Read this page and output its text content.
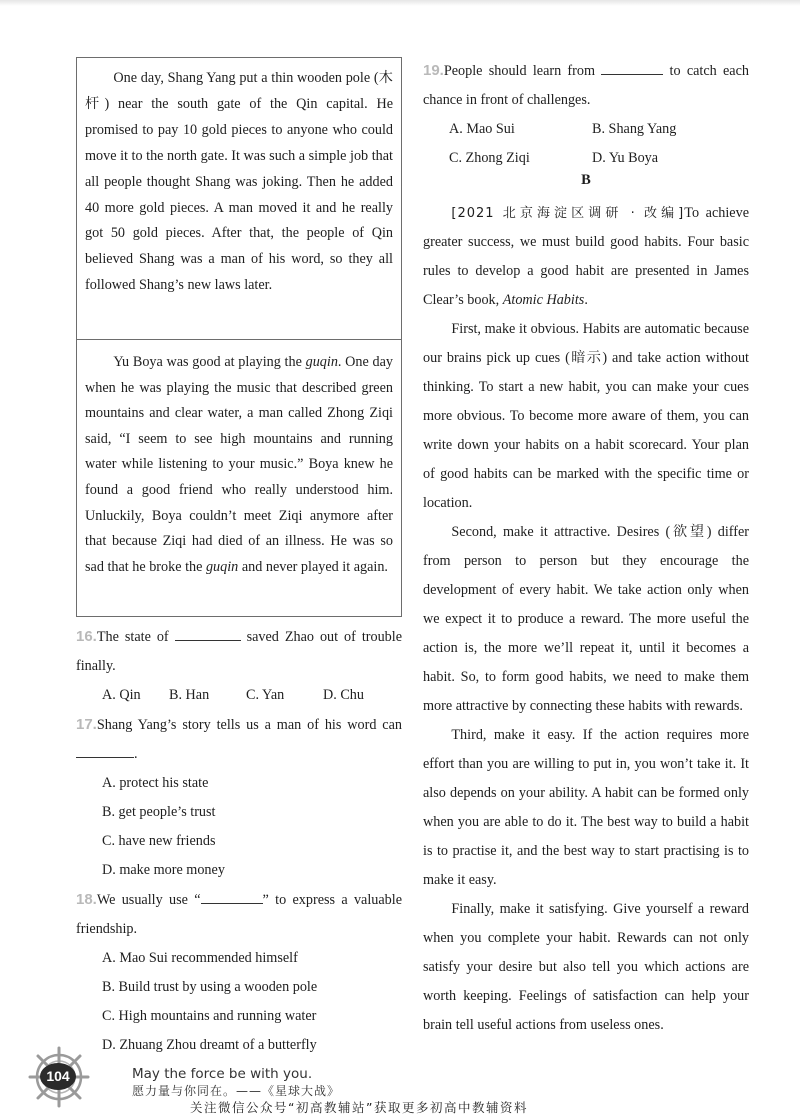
One day, Shang Yang put a thin wooden pole (木杆) near the south gate of the Qin capital. He promised to pay 10 gold pieces to anyone who could move it to the north gate. It was such a simple job that all people thought Shang was joking. Then he added 40 more gold pieces. A man moved it and he really got 50 gold pieces. After that, the people of Qin believed Shang was a man of his word, so they all followed Shang’s new laws later.

Yu Boya was good at playing the guqin. One day when he was playing the music that described green mountains and clear water, a man called Zhong Ziqi said, “I seem to see high mountains and running water while listening to your music.” Boya knew he found a good friend who really understood him. Unluckily, Boya couldn’t meet Ziqi anymore after that because Ziqi had died of an illness. He was so sad that he broke the guqin and never played it again.

16.The state of	saved Zhao out of trouble finally.
A. Qin	B. Han	C. Yan	D. Chu
17.Shang Yang’s story tells us a man of his word can .
A. protect his state
B. get people’s trust
C. have new friends
D. make more money
18.We usually use “	” to express a valuable friendship.
A. Mao Sui recommended himself
B. Build trust by using a wooden pole
C. High mountains and running water
D. Zhuang Zhou dreamt of a butterfly
19.People should learn from	to catch each chance in front of challenges.
A. Mao Sui	B. Shang Yang
C. Zhong Ziqi	D. Yu Boya
B

[2021 北京海淀区调研 · 改编]To achieve greater success, we must build good habits. Four basic rules to develop a good habit are presented in James Clear’s book, Atomic Habits.

First, make it obvious. Habits are automatic because our brains pick up cues (暗示) and take action without thinking. To start a new habit, you can make your cues more obvious. To become more aware of them, you can write down your habits on a habit scorecard. Your plan of good habits can be marked with the specific time or location.

Second, make it attractive. Desires (欲望) differ from person to person but they encourage the development of every habit. We take action only when we expect it to produce a reward. The more useful the action is, the more we’ll repeat it, until it becomes a habit. So, to form good habits, we need to make them more attractive by connecting these habits with rewards.

Third, make it easy. If the action requires more effort than you are willing to put in, you won’t take it. It also depends on your ability. A habit can be formed only when you are able to do it. The best way to build a habit is to practise it, and the best way to start practising is to make it easy.

Finally, make it satisfying. Give yourself a reward when you complete your habit. Rewards can not only satisfy your desire but also tell you which actions are worth keeping. Feelings of satisfaction can help your brain tell useful actions from useless ones.

104	May the force be with you.
愿力量与你同在。——《星球大战》
关注微信公众号“初高教辅站”获取更多初高中教辅资料
